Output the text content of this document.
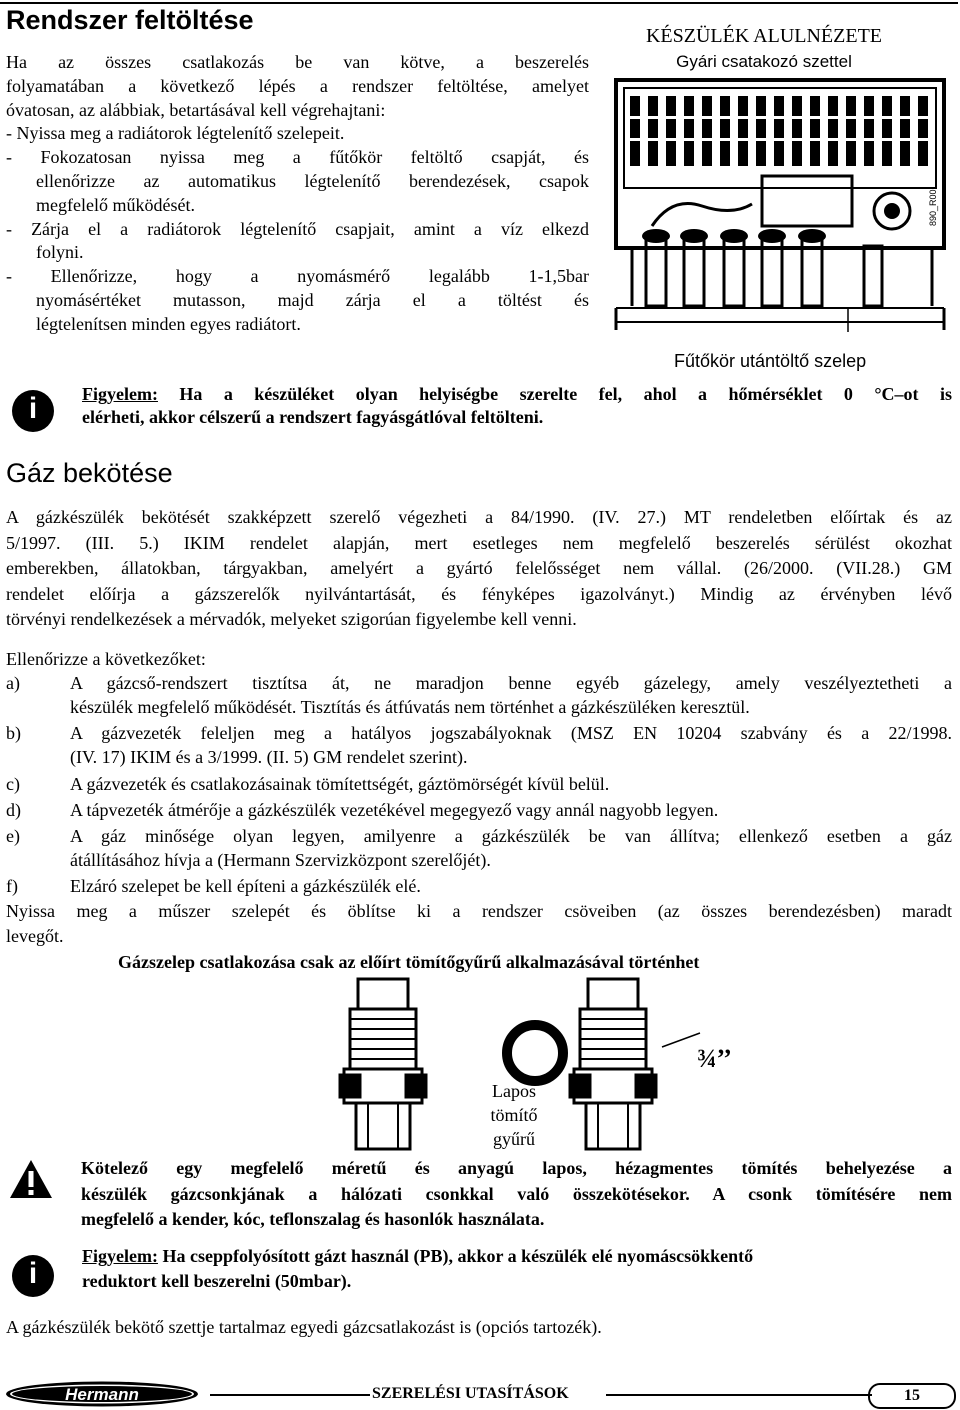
Rendszer feltöltése
Ha az összes csatlakozás be van kötve, a beszerelés
folyamatában a következő lépés a rendszer feltöltése, amelyet
óvatosan, az alábbiak, betartásával kell végrehajtani:
- Nyissa meg a radiátorok légtelenítő szelepeit.
- Fokozatosan nyissa meg a fűtőkör feltöltő csapját, és
ellenőrizze az automatikus légtelenítő berendezések, csapok
megfelelő működését.
- Zárja el a radiátorok légtelenítő csapjait, amint a víz elkezd
folyni.
- Ellenőrizze, hogy a nyomásmérő legalább 1-1,5bar
nyomásértéket mutasson, majd zárja el a töltést és
légtelenítsen minden egyes radiátort.
KÉSZÜLÉK ALULNÉZETE
Gyári csatakozó szettel
890_R00
Fűtőkör utántöltő szelep
i	Figyelem: Ha a készüléket olyan helyiségbe szerelte fel, ahol a hőmérséklet 0 °C–ot is
elérheti, akkor célszerű a rendszert fagyásgátlóval feltölteni.
Gáz bekötése
A gázkészülék bekötését szakképzett szerelő végezheti a 84/1990. (IV. 27.) MT rendeletben előírtak és az
5/1997. (III. 5.) IKIM rendelet alapján, mert esetleges nem megfelelő beszerelés sérülést okozhat
emberekben, állatokban, tárgyakban, amelyért a gyártó felelősséget nem vállal. (26/2000. (VII.28.) GM
rendelet előírja a gázszerelők nyilvántartását, és fényképes igazolványt.) Mindig az érvényben lévő
törvényi rendelkezések a mérvadók, melyeket szigorúan figyelembe kell venni.
Ellenőrizze a következőket:
a)	A gázcső-rendszert tisztítsa át, ne maradjon benne egyéb gázelegy, amely veszélyeztetheti a
készülék megfelelő működését. Tisztítás és átfúvatás nem történhet a gázkészüléken keresztül.
b)	A gázvezeték feleljen meg a hatályos jogszabályoknak (MSZ EN 10204 szabvány és a 22/1998.
(IV. 17) IKIM és a 3/1999. (II. 5) GM rendelet szerint).
c)	A gázvezeték és csatlakozásainak tömítettségét, gáztömörségét kívül belül.
d)	A tápvezeték átmérője a gázkészülék vezetékével megegyező vagy annál nagyobb legyen.
e)	A gáz minősége olyan legyen, amilyenre a gázkészülék be van állítva; ellenkező esetben a gáz
átállításához hívja a (Hermann Szervizközpont szerelőjét).
f)	Elzáró szelepet be kell építeni a gázkészülék elé.
Nyissa meg a műszer szelepét és öblítse ki a rendszer csöveiben (az összes berendezésben) maradt
levegőt.
Gázszelep csatlakozása csak az előírt tömítőgyűrű alkalmazásával történhet
Lapos
tömítő
gyűrű
¾’’
Kötelező egy megfelelő méretű és anyagú lapos, hézagmentes tömítés behelyezése a
készülék gázcsonkjának a hálózati csonkkal való összekötésekor. A csonk tömítésére nem
megfelelő a kender, kóc, teflonszalag és hasonlók használata.
i
Figyelem: Ha cseppfolyósított gázt használ (PB), akkor a készülék elé nyomáscsökkentő
reduktort kell beszerelni (50mbar).
A gázkészülék bekötő szettje tartalmaz egyedi gázcsatlakozást is (opciós tartozék).
Hermann	SZERELÉSI UTASÍTÁSOK	15
